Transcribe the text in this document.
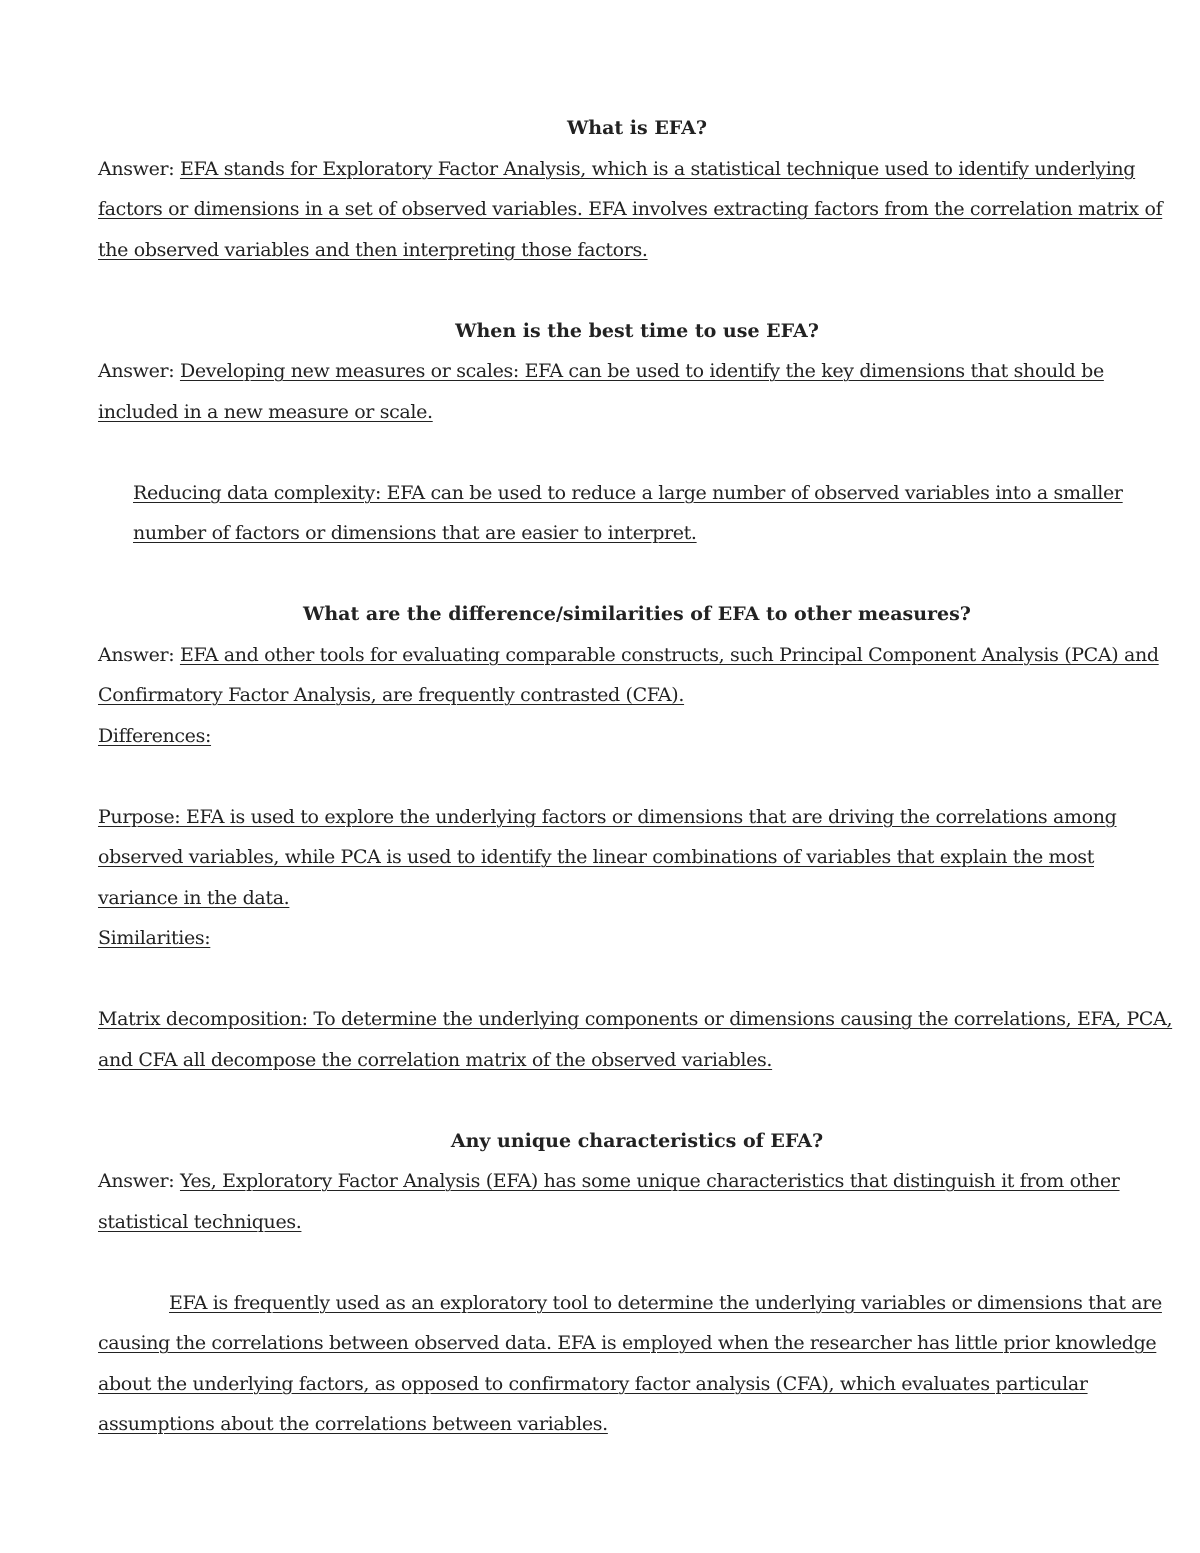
What is EFA?

Answer: EFA stands for Exploratory Factor Analysis, which is a statistical technique used to identify underlying factors or dimensions in a set of observed variables. EFA involves extracting factors from the correlation matrix of the observed variables and then interpreting those factors.

When is the best time to use EFA?

Answer: Developing new measures or scales: EFA can be used to identify the key dimensions that should be included in a new measure or scale.

Reducing data complexity: EFA can be used to reduce a large number of observed variables into a smaller number of factors or dimensions that are easier to interpret.

What are the difference/similarities of EFA to other measures?

Answer: EFA and other tools for evaluating comparable constructs, such Principal Component Analysis (PCA) and Confirmatory Factor Analysis, are frequently contrasted (CFA).

Differences:

Purpose: EFA is used to explore the underlying factors or dimensions that are driving the correlations among observed variables, while PCA is used to identify the linear combinations of variables that explain the most variance in the data.

Similarities:

Matrix decomposition: To determine the underlying components or dimensions causing the correlations, EFA, PCA, and CFA all decompose the correlation matrix of the observed variables.

Any unique characteristics of EFA?

Answer: Yes, Exploratory Factor Analysis (EFA) has some unique characteristics that distinguish it from other statistical techniques.

EFA is frequently used as an exploratory tool to determine the underlying variables or dimensions that are causing the correlations between observed data. EFA is employed when the researcher has little prior knowledge about the underlying factors, as opposed to confirmatory factor analysis (CFA), which evaluates particular assumptions about the correlations between variables.
